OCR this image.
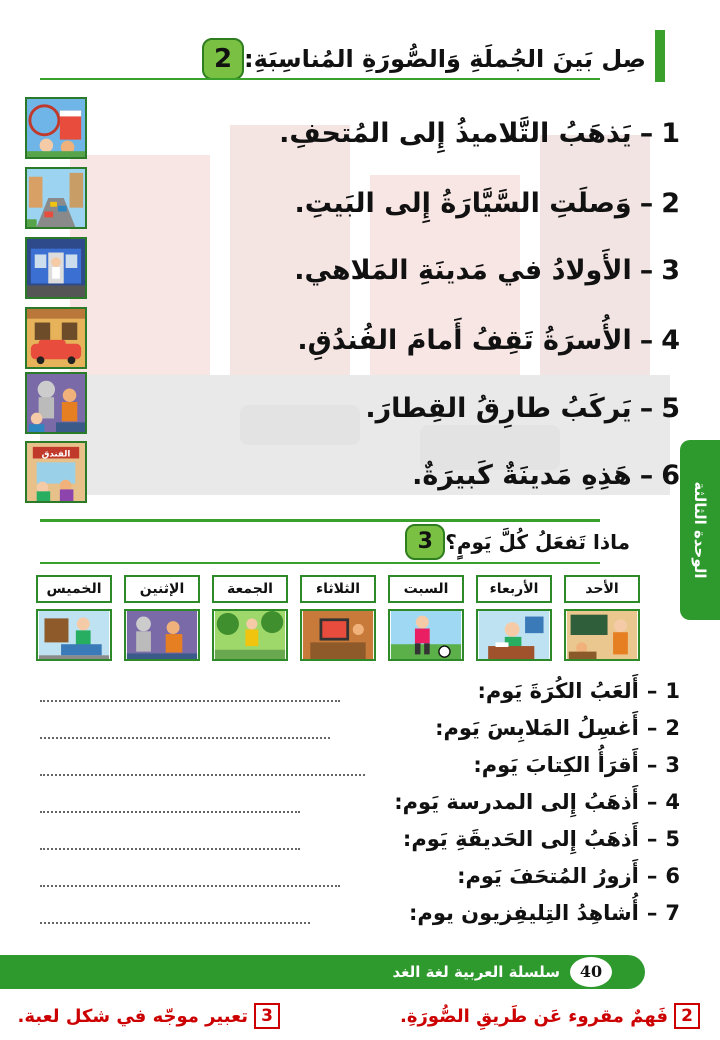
2 صِل بَينَ الجُملَةِ وَالصُّورَةِ المُناسِبَةِ:
1
–
يَذهَبُ التَّلاميذُ إِلى المُتحفِ.
2
–
وَصلَتِ السَّيَّارَةُ إِلى البَيتِ.
3
–
الأَولادُ في مَدينَةِ المَلاهي.
4
–
الأُسرَةُ تَقِفُ أَمامَ الفُندُقِ.
5
–
يَركَبُ طارِقُ القِطارَ.
6
–
هَذِهِ مَدينَةٌ كَبيرَةٌ.
الفندق
3 ماذا تَفعَلُ كُلَّ يَومٍ؟
الأحد
الأربعاء
السبت
الثلاثاء
الجمعة
الإثنين
الخميس
1
–
أَلعَبُ الكُرَةَ يَوم:
2
–
أَغسِلُ المَلابِسَ يَوم:
3
–
أَقرَأُ الكِتابَ يَوم:
4
–
أَذهَبُ إِلى المدرسة يَوم:
5
–
أَذهَبُ إِلى الحَديقَةِ يَوم:
6
–
أَزورُ المُتحَفَ يَوم:
7
–
أُشاهِدُ التِليفِزيون يوم:
الوحدة الثالثة
سلسلة العربية لغة الغد	40
2
فَهمٌ مقروء عَن طَريقِ الصُّورَةِ.
3
تعبير موجّه في شكل لعبة.
